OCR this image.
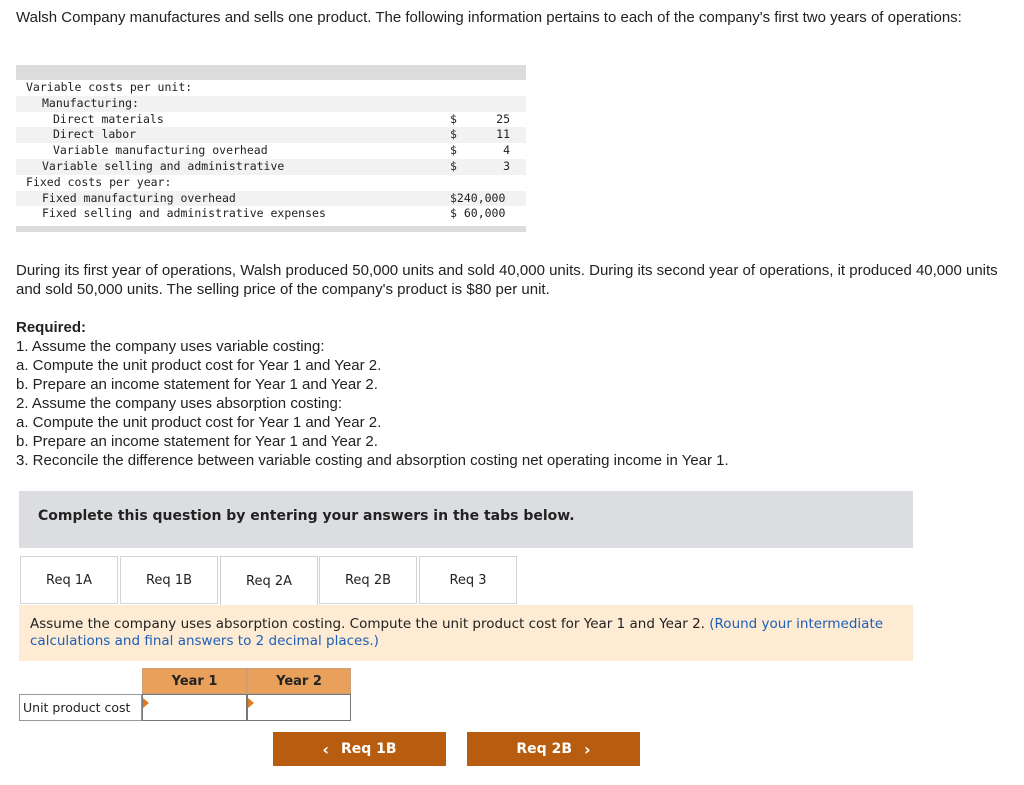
Walsh Company manufactures and sells one product. The following information pertains to each of the company's first two years of operations:

Variable costs per unit:
Manufacturing:
Direct materials	$	25
Direct labor	$	11
Variable manufacturing overhead	$	4
Variable selling and administrative	$	3
Fixed costs per year:
Fixed manufacturing overhead	$240,000
Fixed selling and administrative expenses	$ 60,000

During its first year of operations, Walsh produced 50,000 units and sold 40,000 units. During its second year of operations, it produced 40,000 units and sold 50,000 units. The selling price of the company's product is $80 per unit.

Required:
1. Assume the company uses variable costing:
a. Compute the unit product cost for Year 1 and Year 2.
b. Prepare an income statement for Year 1 and Year 2.
2. Assume the company uses absorption costing:
a. Compute the unit product cost for Year 1 and Year 2.
b. Prepare an income statement for Year 1 and Year 2.
3. Reconcile the difference between variable costing and absorption costing net operating income in Year 1.
Complete this question by entering your answers in the tabs below.
Req 1A	Req 1B	Req 2A	Req 2B	Req 3
Assume the company uses absorption costing. Compute the unit product cost for Year 1 and Year 2. (Round your intermediate calculations and final answers to 2 decimal places.)
Year 1	Year 2
Unit product cost
‹ Req 1B	Req 2B ›
